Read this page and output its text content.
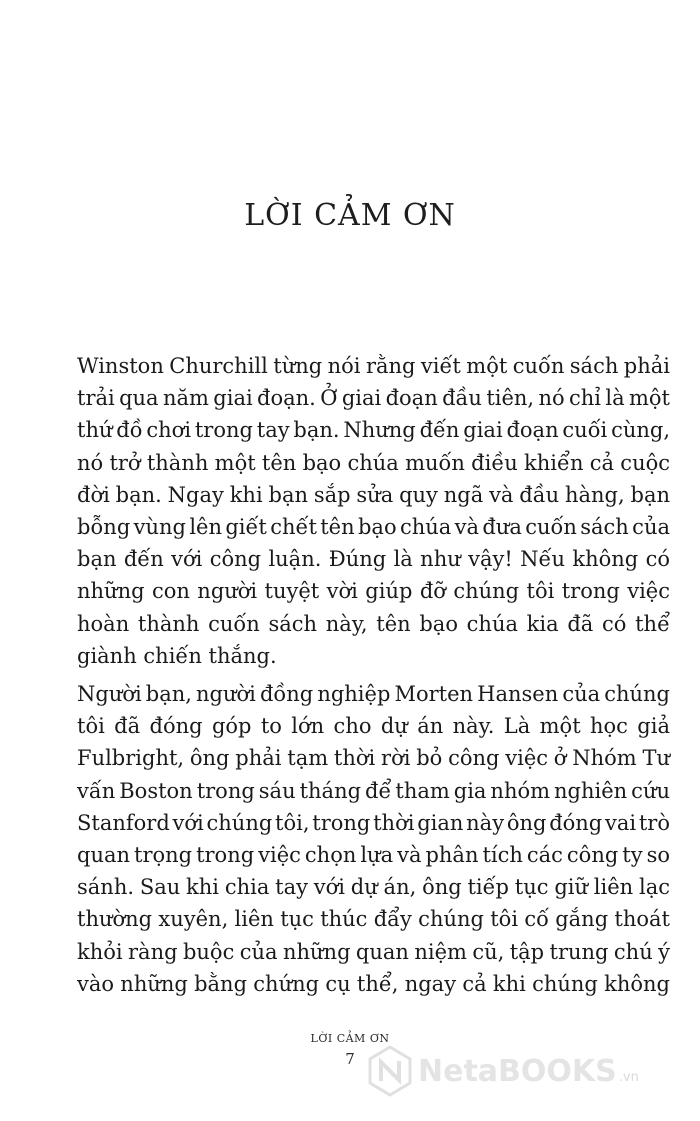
LỜI CẢM ƠN

Winston Churchill từng nói rằng viết một cuốn sách phải
trải qua năm giai đoạn. Ở giai đoạn đầu tiên, nó chỉ là một
thứ đồ chơi trong tay bạn. Nhưng đến giai đoạn cuối cùng,
nó trở thành một tên bạo chúa muốn điều khiển cả cuộc
đời bạn. Ngay khi bạn sắp sửa quy ngã và đầu hàng, bạn
bỗng vùng lên giết chết tên bạo chúa và đưa cuốn sách của
bạn đến với công luận. Đúng là như vậy! Nếu không có
những con người tuyệt vời giúp đỡ chúng tôi trong việc
hoàn thành cuốn sách này, tên bạo chúa kia đã có thể
giành chiến thắng.

Người bạn, người đồng nghiệp Morten Hansen của chúng
tôi đã đóng góp to lớn cho dự án này. Là một học giả
Fulbright, ông phải tạm thời rời bỏ công việc ở Nhóm Tư
vấn Boston trong sáu tháng để tham gia nhóm nghiên cứu
Stanford với chúng tôi, trong thời gian này ông đóng vai trò
quan trọng trong việc chọn lựa và phân tích các công ty so
sánh. Sau khi chia tay với dự án, ông tiếp tục giữ liên lạc
thường xuyên, liên tục thúc đẩy chúng tôi cố gắng thoát
khỏi ràng buộc của những quan niệm cũ, tập trung chú ý
vào những bằng chứng cụ thể, ngay cả khi chúng không

LỜI CẢM ƠN
7	NetaBOOKS .vn
